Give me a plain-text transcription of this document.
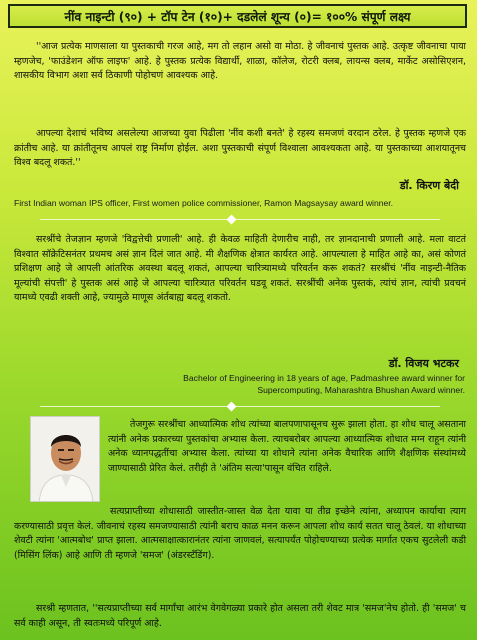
नींव नाइन्टी (९०) + टॉप टेन (१०)+ दडलेलं शून्य (०)= १००% संपूर्ण लक्ष्य
''आज प्रत्येक माणसाला या पुस्तकाची गरज आहे, मग तो लहान असो वा मोठा. हे जीवनाचं पुस्तक आहे. उत्कृष्ट जीवनाचा पाया म्हणजेच, 'फाउंडेशन ऑफ लाइफ' आहे. हे पुस्तक प्रत्येक विद्यार्थी, शाळा, कॉलेज, रोटरी क्लब, लायन्स क्लब, मार्केट असोसिएशन, शासकीय विभाग अशा सर्व ठिकाणी पोहोचणं आवश्यक आहे.
आपल्या देशाचं भविष्य असलेल्या आजच्या युवा पिढीला 'नींव कशी बनते' हे रहस्य समजणं वरदान ठरेल. हे पुस्तक म्हणजे एक क्रांतीच आहे. या क्रांतीतूनच आपलं राष्ट्र निर्माण होईल. अशा पुस्तकाची संपूर्ण विश्वाला आवश्यकता आहे. या पुस्तकाच्या आशयातूनच विश्व बदलू शकतं.''
डॉ. किरण बेदी
First Indian woman IPS officer, First women police commissioner, Ramon Magsaysay award winner.
सरश्रींचे तेजज्ञान म्हणजे 'विद्वत्तेची प्रणाली' आहे. ही केवळ माहिती देणारीच नाही, तर ज्ञानदानाची प्रणाली आहे. मला वाटतं विश्वात सॉक्रेटिसनंतर प्रथमच असं ज्ञान दिलं जात आहे. मी शैक्षणिक क्षेत्रात कार्यरत आहे. आपल्याला हे माहित आहे का, असं कोणतं प्रशिक्षण आहे जे आपली आंतरिक अवस्था बदलू शकतं, आपल्या चारित्र्यामध्ये परिवर्तन करू शकतं? सरश्रींचं 'नींव नाइन्टी-नैतिक मूल्यांची संपत्ती' हे पुस्तक असं आहे जे आपल्या चारित्र्यात परिवर्तन घडवू शकतं. सरश्रींची अनेक पुस्तकं, त्यांचं ज्ञान, त्यांची प्रवचनं यामध्ये एवढी शक्ती आहे, ज्यामुळे माणूस अंर्तबाह्य बदलू शकतो.
डॉ. विजय भटकर
Bachelor of Engineering in 18 years of age, Padmashree award winner for Supercomputing, Maharashtra Bhushan Award winner.
तेजगुरू सरश्रींचा आध्यात्मिक शोध त्यांच्या बालपणापासूनच सुरू झाला होता. हा शोध चालू असताना त्यांनी अनेक प्रकारच्या पुस्तकांचा अभ्यास केला. त्याचबरोबर आपल्या आध्यात्मिक शोधात मग्न राहून त्यांनी अनेक ध्यानपद्धतींचा अभ्यास केला. त्यांच्या या शोधाने त्यांना अनेक वैचारिक आणि शैक्षणिक संस्थांमध्ये जाण्यासाठी प्रेरित केलं. तरीही ते 'अंतिम सत्या'पासून वंचित राहिले.
सत्यप्राप्तीच्या शोधासाठी जास्तीत-जास्त वेळ देता यावा या तीव्र इच्छेने त्यांना, अध्यापन कार्याचा त्याग करण्यासाठी प्रवृत्त केलं. जीवनाचं रहस्य समजण्यासाठी त्यांनी बराच काळ मनन करून आपला शोध कार्य सतत चालू ठेवलं. या शोधाच्या शेवटी त्यांना 'आत्मबोध' प्राप्त झाला. आत्मसाक्षात्कारानंतर त्यांना जाणवलं, सत्यापर्यंत पोहोचण्याच्या प्रत्येक मार्गात एकच सुटलेली कडी (मिसिंग लिंक) आहे आणि ती म्हणजे 'समज' (अंडरस्टॅंडिंग).
सरश्री म्हणतात, ''सत्यप्राप्तीच्या सर्व मार्गांचा आरंभ वेगवेगळ्या प्रकारे होत असला तरी शेवट मात्र 'समज'नेच होतो. ही 'समज' च सर्व काही असून, ती स्वतःमध्ये परिपूर्ण आहे.
